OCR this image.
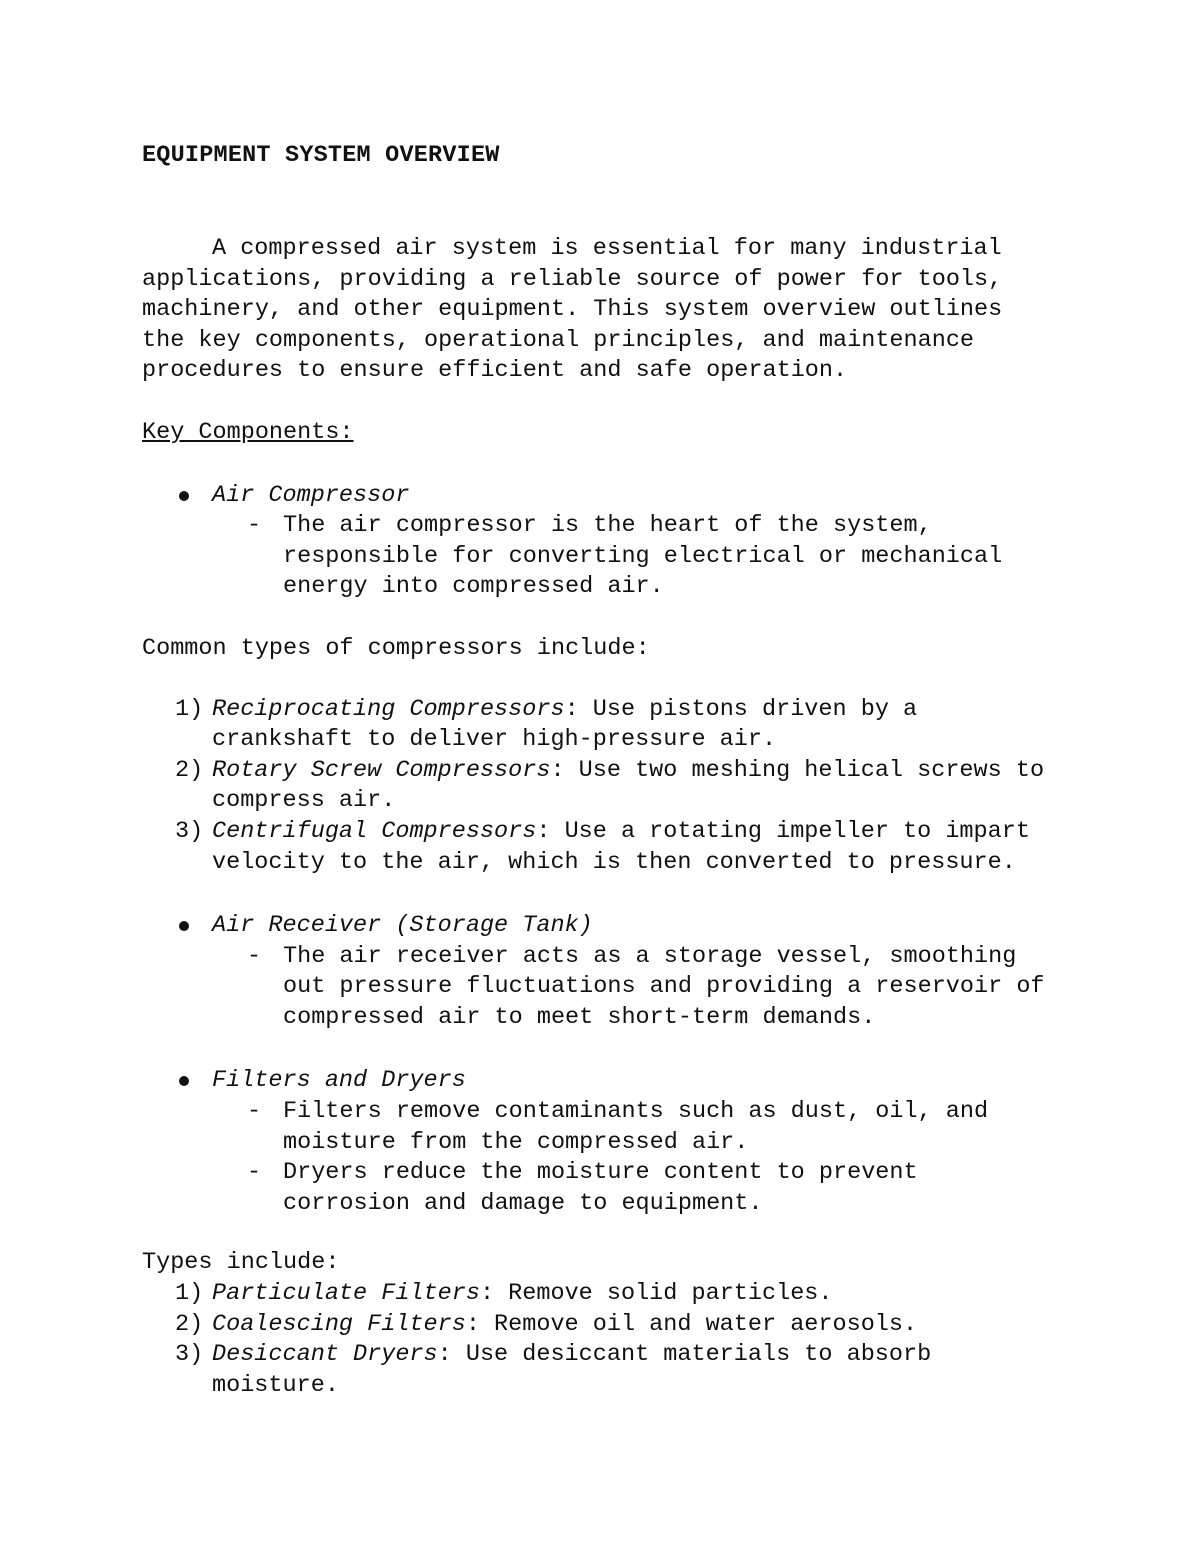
EQUIPMENT SYSTEM OVERVIEW
A compressed air system is essential for many industrial
applications, providing a reliable source of power for tools,
machinery, and other equipment. This system overview outlines
the key components, operational principles, and maintenance
procedures to ensure efficient and safe operation.
Key Components:
Air Compressor
- The air compressor is the heart of the system,
responsible for converting electrical or mechanical
energy into compressed air.
Common types of compressors include:
1) Reciprocating Compressors: Use pistons driven by a
crankshaft to deliver high-pressure air.
2) Rotary Screw Compressors: Use two meshing helical screws to
compress air.
3) Centrifugal Compressors: Use a rotating impeller to impart
velocity to the air, which is then converted to pressure.
Air Receiver (Storage Tank)
- The air receiver acts as a storage vessel, smoothing
out pressure fluctuations and providing a reservoir of
compressed air to meet short-term demands.
Filters and Dryers
- Filters remove contaminants such as dust, oil, and
moisture from the compressed air.
- Dryers reduce the moisture content to prevent
corrosion and damage to equipment.
Types include:
1) Particulate Filters: Remove solid particles.
2) Coalescing Filters: Remove oil and water aerosols.
3) Desiccant Dryers: Use desiccant materials to absorb
moisture.
